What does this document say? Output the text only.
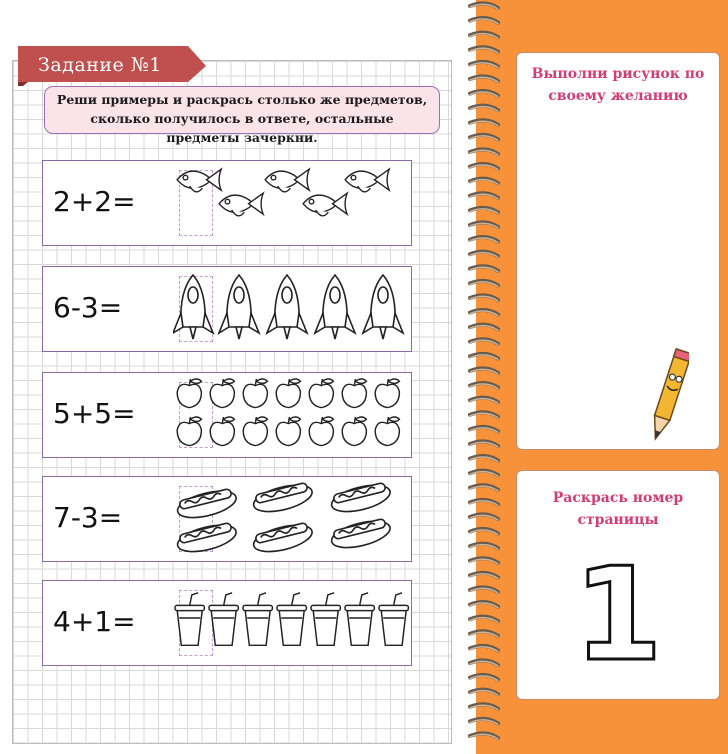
Задание №1
Реши примеры и раскрась столько же предметов, сколько получилось в ответе, остальные предметы зачеркни.
2+2=
6-3=
5+5=
7-3=
4+1=
Выполни рисунок по своему желанию
Раскрась номер страницы
1
